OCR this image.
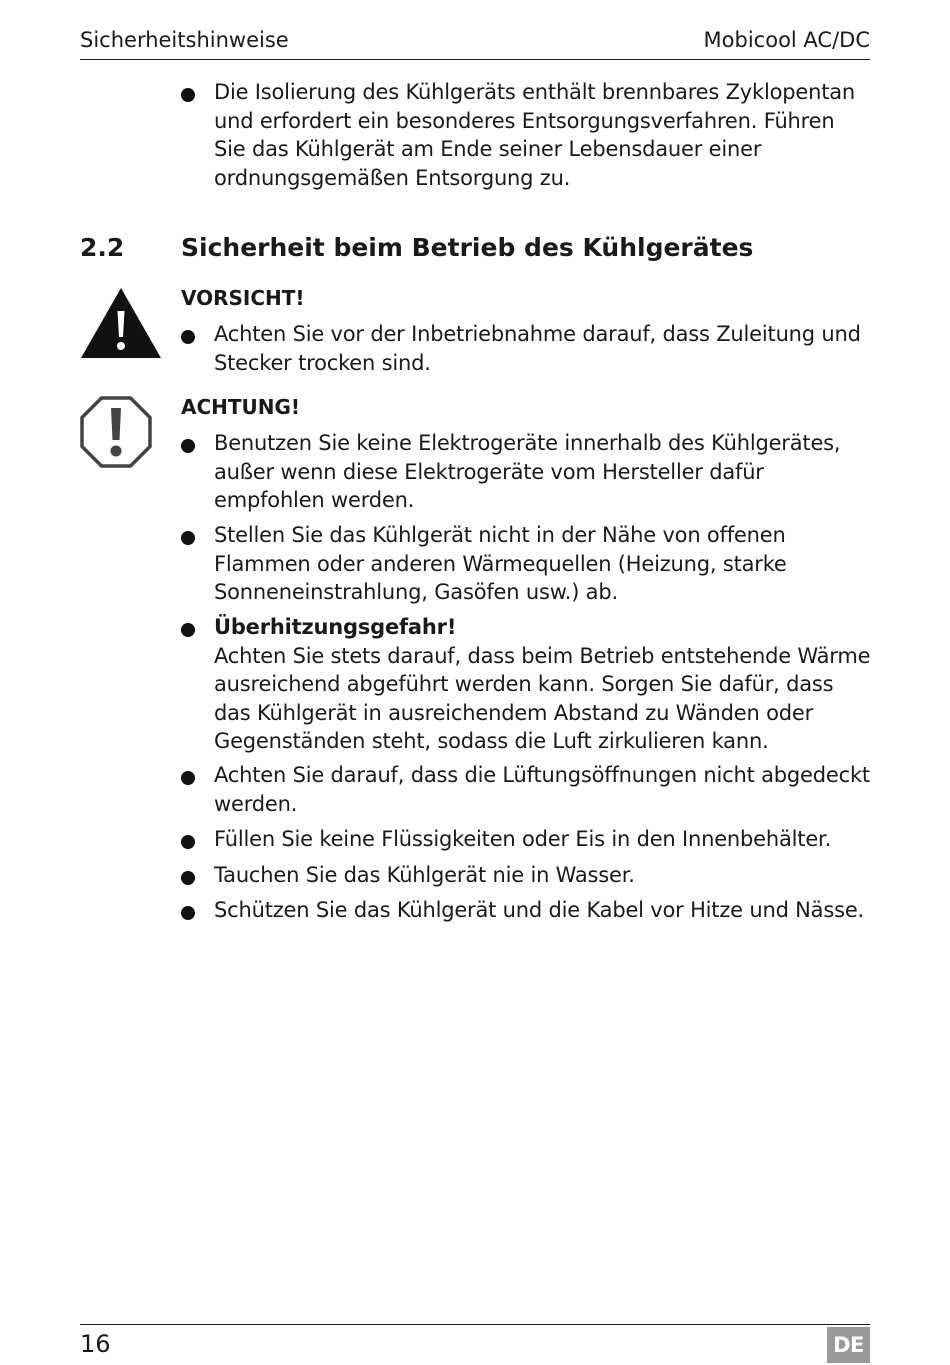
Sicherheitshinweise	Mobicool AC/DC
Die Isolierung des Kühlgeräts enthält brennbares Zyklopentan und erfordert ein besonderes Entsorgungsverfahren. Führen Sie das Kühlgerät am Ende seiner Lebensdauer einer ordnungsgemäßen Entsorgung zu.
2.2 Sicherheit beim Betrieb des Kühlgerätes
VORSICHT!
Achten Sie vor der Inbetriebnahme darauf, dass Zuleitung und Stecker trocken sind.
ACHTUNG!
Benutzen Sie keine Elektrogeräte innerhalb des Kühlgerätes, außer wenn diese Elektrogeräte vom Hersteller dafür empfohlen werden.
Stellen Sie das Kühlgerät nicht in der Nähe von offenen Flammen oder anderen Wärmequellen (Heizung, starke Sonneneinstrahlung, Gasöfen usw.) ab.
Überhitzungsgefahr!
Achten Sie stets darauf, dass beim Betrieb entstehende Wärme ausreichend abgeführt werden kann. Sorgen Sie dafür, dass das Kühlgerät in ausreichendem Abstand zu Wänden oder Gegenständen steht, sodass die Luft zirkulieren kann.
Achten Sie darauf, dass die Lüftungsöffnungen nicht abgedeckt werden.
Füllen Sie keine Flüssigkeiten oder Eis in den Innenbehälter.
Tauchen Sie das Kühlgerät nie in Wasser.
Schützen Sie das Kühlgerät und die Kabel vor Hitze und Nässe.
16	DE
